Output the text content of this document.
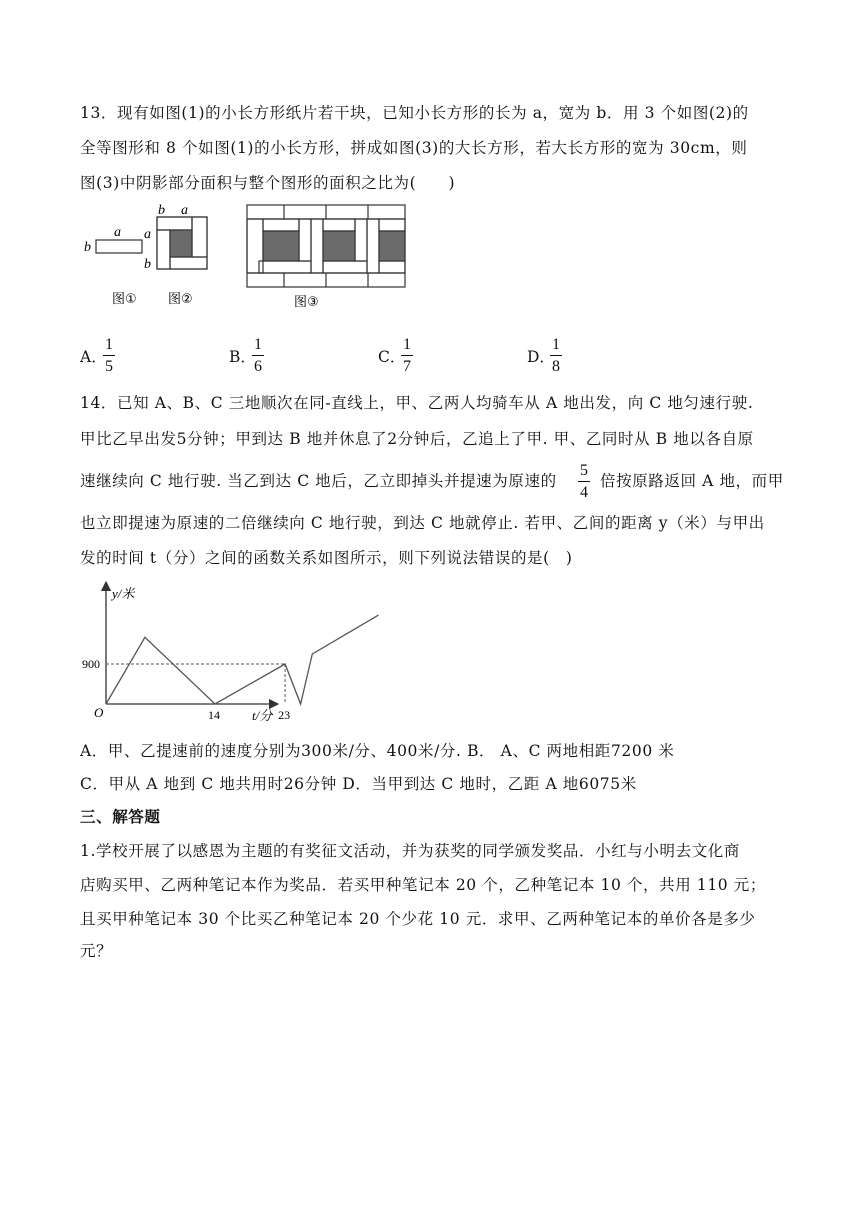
13．现有如图(1)的小长方形纸片若干块，已知小长方形的长为 a，宽为 b．用 3 个如图(2)的
全等图形和 8 个如图(1)的小长方形，拼成如图(3)的大长方形，若大长方形的宽为 30cm，则
图(3)中阴影部分面积与整个图形的面积之比为(　　)
b
a
图①
b a
a
b
图②	图③
A．
1
5
B．
1
6
C．
1
7
D．
1
8
14．已知 A、B、C 三地顺次在同-直线上，甲、乙两人均骑车从 A 地出发，向 C 地匀速行驶.
甲比乙早出发5分钟；甲到达 B 地并休息了2分钟后，乙追上了甲. 甲、乙同时从 B 地以各自原
速继续向 C 地行驶. 当乙到达 C 地后，乙立即掉头并提速为原速的
5
4
倍按原路返回 A 地，而甲
也立即提速为原速的二倍继续向 C 地行驶，到达 C 地就停止. 若甲、乙间的距离 y（米）与甲出
发的时间 t（分）之间的函数关系如图所示，则下列说法错误的是(　)
14	23
900
y/米
t/分
O
A．甲、乙提速前的速度分别为300米/分、400米/分. B． A、C 两地相距7200 米
C．甲从 A 地到 C 地共用时26分钟 D．当甲到达 C 地时，乙距 A 地6075米
三、解答题
1.学校开展了以感恩为主题的有奖征文活动，并为获奖的同学颁发奖品．小红与小明去文化商
店购买甲、乙两种笔记本作为奖品．若买甲种笔记本 20 个，乙种笔记本 10 个，共用 110 元；
且买甲种笔记本 30 个比买乙种笔记本 20 个少花 10 元．求甲、乙两种笔记本的单价各是多少
元？
